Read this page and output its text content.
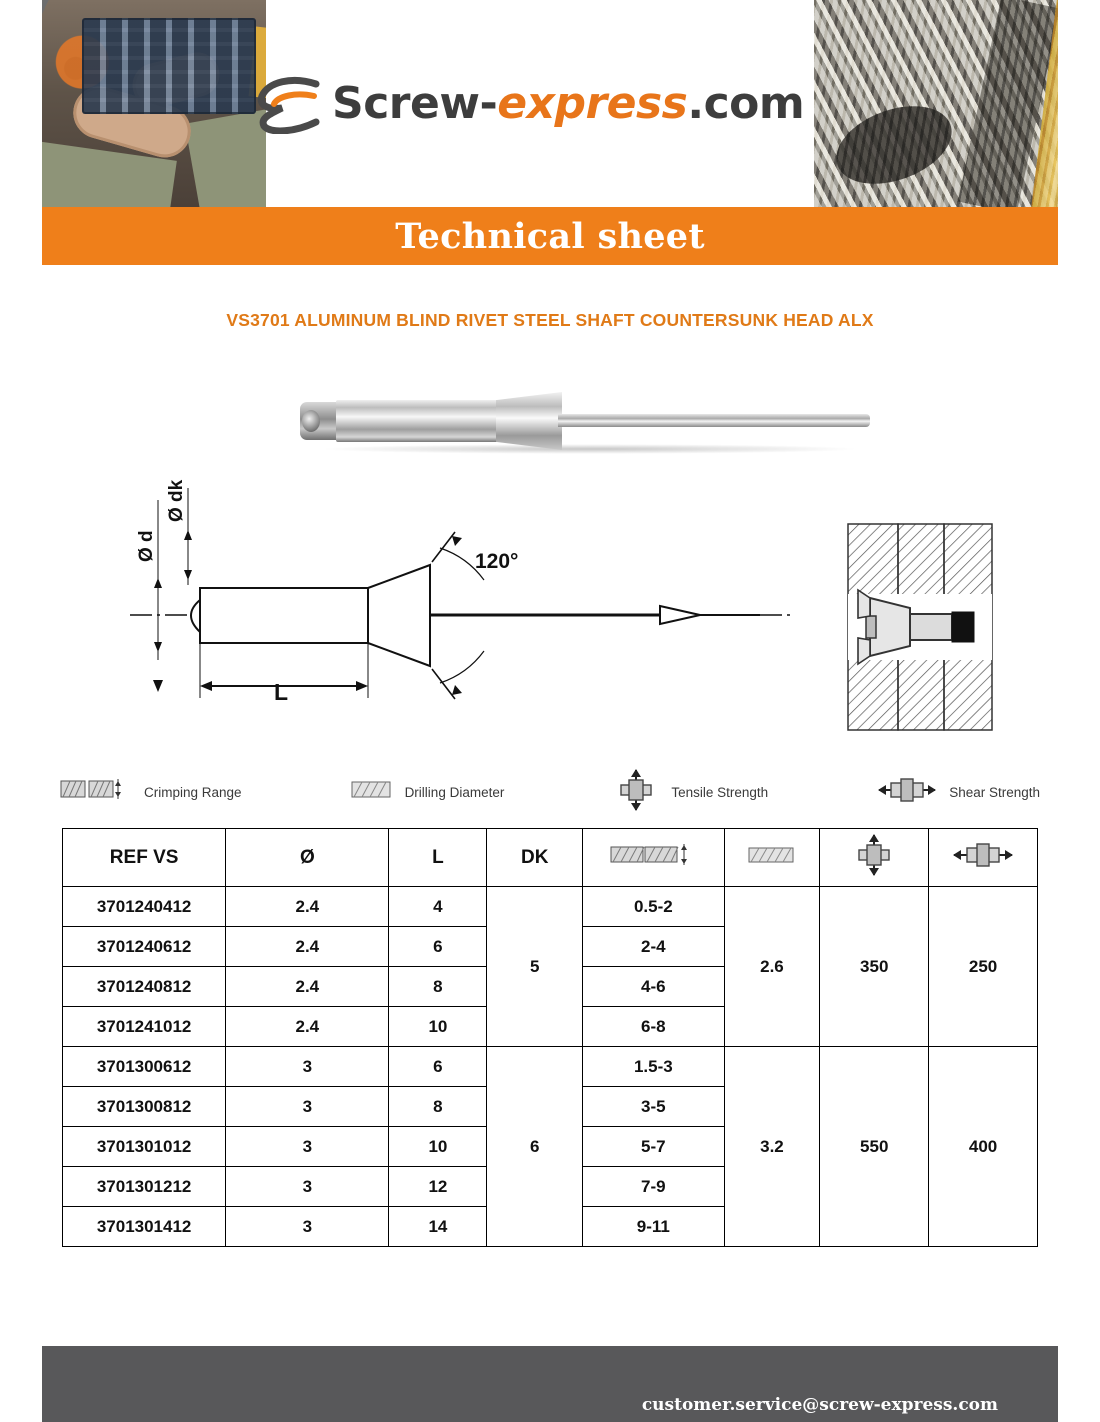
Screw-express.com
Technical sheet
VS3701 ALUMINUM BLIND RIVET STEEL SHAFT COUNTERSUNK HEAD ALX
120°
L
Ø d
Ø dk
Crimping Range	Drilling Diameter	Tensile Strength	Shear Strength
REF VS	Ø	L	DK				
3701240412	2.4	4	5	0.5-2	2.6	350	250
3701240612	2.4	6		2-4			
3701240812	2.4	8		4-6			
3701241012	2.4	10		6-8			
3701300612	3	6	6	1.5-3	3.2	550	400
3701300812	3	8		3-5			
3701301012	3	10		5-7			
3701301212	3	12		7-9			
3701301412	3	14		9-11			
customer.service@screw-express.com
